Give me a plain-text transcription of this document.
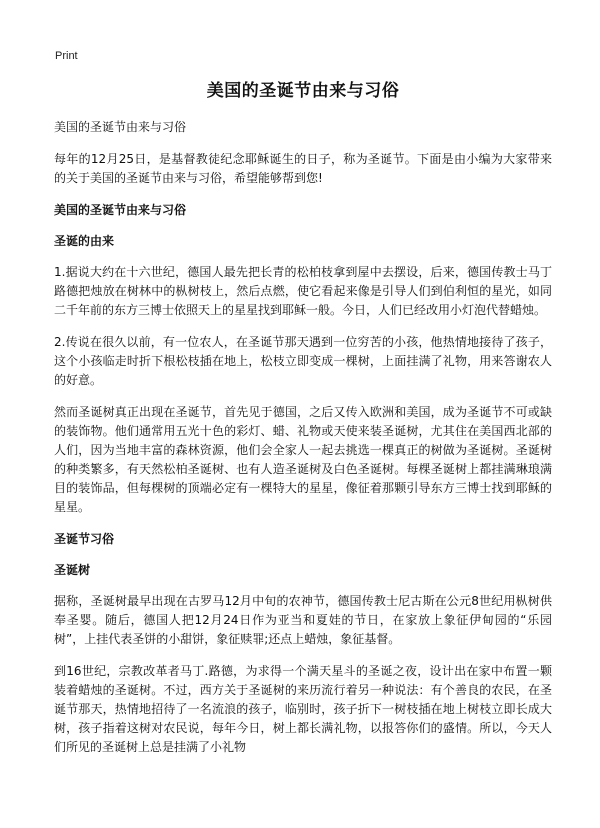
Print
美国的圣诞节由来与习俗
美国的圣诞节由来与习俗

每年的12月25日，是基督教徒纪念耶稣诞生的日子，称为圣诞节。下面是由小编为大家带来的关于美国的圣诞节由来与习俗，希望能够帮到您!

美国的圣诞节由来与习俗
圣诞的由来

1.据说大约在十六世纪，德国人最先把长青的松柏枝拿到屋中去摆设，后来，德国传教士马丁路德把烛放在树林中的枞树枝上，然后点燃，使它看起来像是引导人们到伯利恒的星光，如同二千年前的东方三博士依照天上的星星找到耶稣一般。今日，人们已经改用小灯泡代替蜡烛。

2.传说在很久以前，有一位农人，在圣诞节那天遇到一位穷苦的小孩，他热情地接待了孩子，这个小孩临走时折下根松枝插在地上，松枝立即变成一棵树，上面挂满了礼物，用来答谢农人的好意。

然而圣诞树真正出现在圣诞节，首先见于德国，之后又传入欧洲和美国，成为圣诞节不可或缺的装饰物。他们通常用五光十色的彩灯、蜡、礼物或天使来装圣诞树，尤其住在美国西北部的人们，因为当地丰富的森林资源，他们会全家人一起去挑选一棵真正的树做为圣诞树。圣诞树的种类繁多，有天然松柏圣诞树、也有人造圣诞树及白色圣诞树。每棵圣诞树上都挂满琳琅满目的装饰品，但每棵树的顶端必定有一棵特大的星星，像征着那颗引导东方三博士找到耶稣的星星。

圣诞节习俗
圣诞树

据称，圣诞树最早出现在古罗马12月中旬的农神节，德国传教士尼古斯在公元8世纪用枞树供奉圣婴。随后，德国人把12月24日作为亚当和夏娃的节日，在家放上象征伊甸园的“乐园树”，上挂代表圣饼的小甜饼，象征赎罪;还点上蜡烛，象征基督。

到16世纪，宗教改革者马丁.路德，为求得一个满天星斗的圣诞之夜，设计出在家中布置一颗装着蜡烛的圣诞树。不过，西方关于圣诞树的来历流行着另一种说法：有个善良的农民，在圣诞节那天，热情地招待了一名流浪的孩子，临别时，孩子折下一树枝插在地上树枝立即长成大树，孩子指着这树对农民说，每年今日，树上都长满礼物，以报答你们的盛情。所以，今天人们所见的圣诞树上总是挂满了小礼物
